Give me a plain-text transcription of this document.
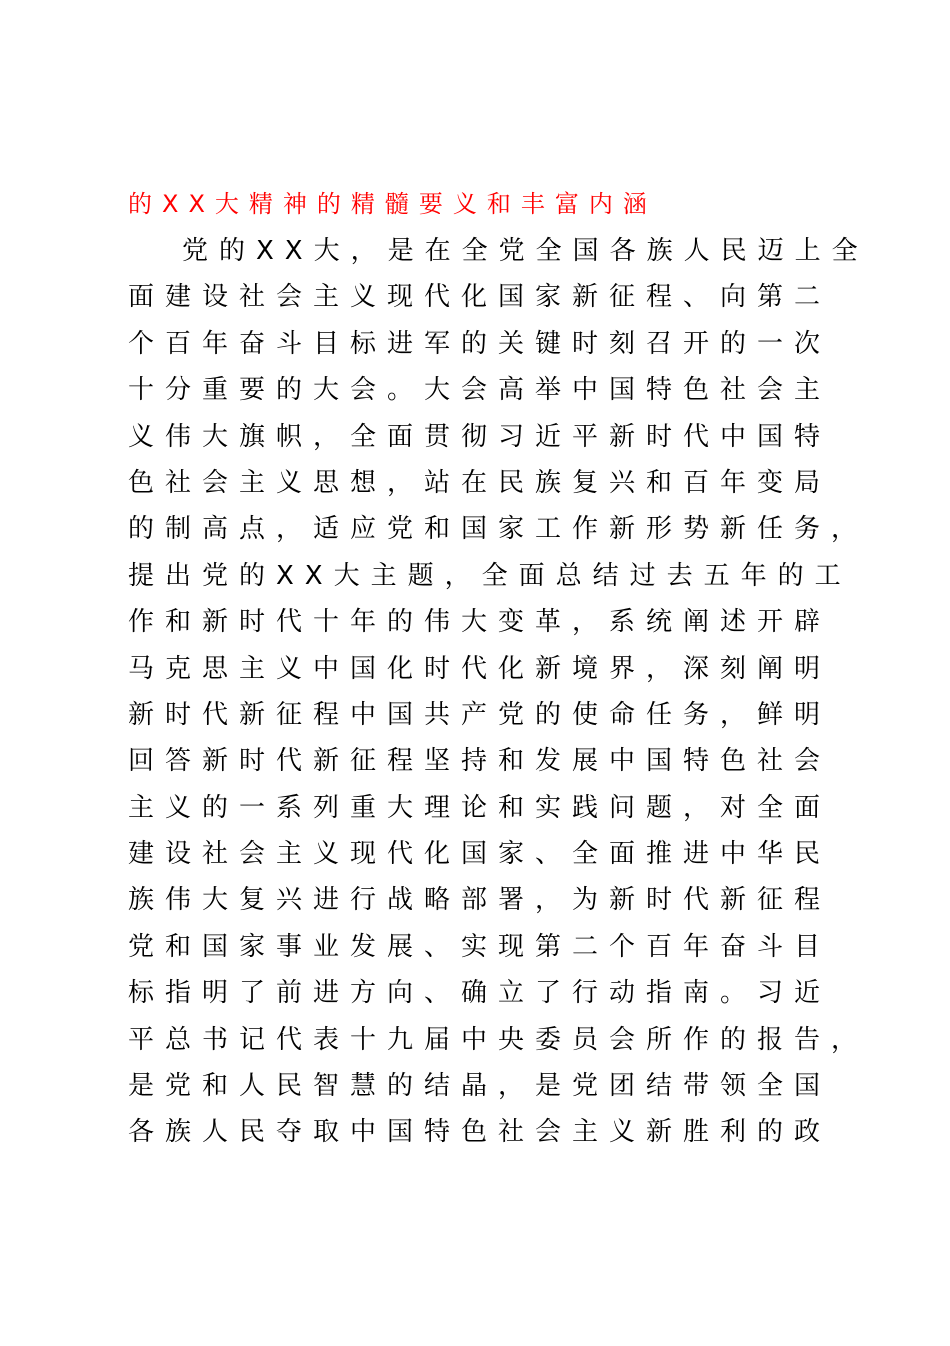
的XX大精神的精髓要义和丰富内涵
党的XX大，是在全党全国各族人民迈上全
面建设社会主义现代化国家新征程、向第二
个百年奋斗目标进军的关键时刻召开的一次
十分重要的大会。大会高举中国特色社会主
义伟大旗帜，全面贯彻习近平新时代中国特
色社会主义思想，站在民族复兴和百年变局
的制高点，适应党和国家工作新形势新任务，
提出党的XX大主题，全面总结过去五年的工
作和新时代十年的伟大变革，系统阐述开辟
马克思主义中国化时代化新境界，深刻阐明
新时代新征程中国共产党的使命任务，鲜明
回答新时代新征程坚持和发展中国特色社会
主义的一系列重大理论和实践问题，对全面
建设社会主义现代化国家、全面推进中华民
族伟大复兴进行战略部署，为新时代新征程
党和国家事业发展、实现第二个百年奋斗目
标指明了前进方向、确立了行动指南。习近
平总书记代表十九届中央委员会所作的报告，
是党和人民智慧的结晶，是党团结带领全国
各族人民夺取中国特色社会主义新胜利的政
